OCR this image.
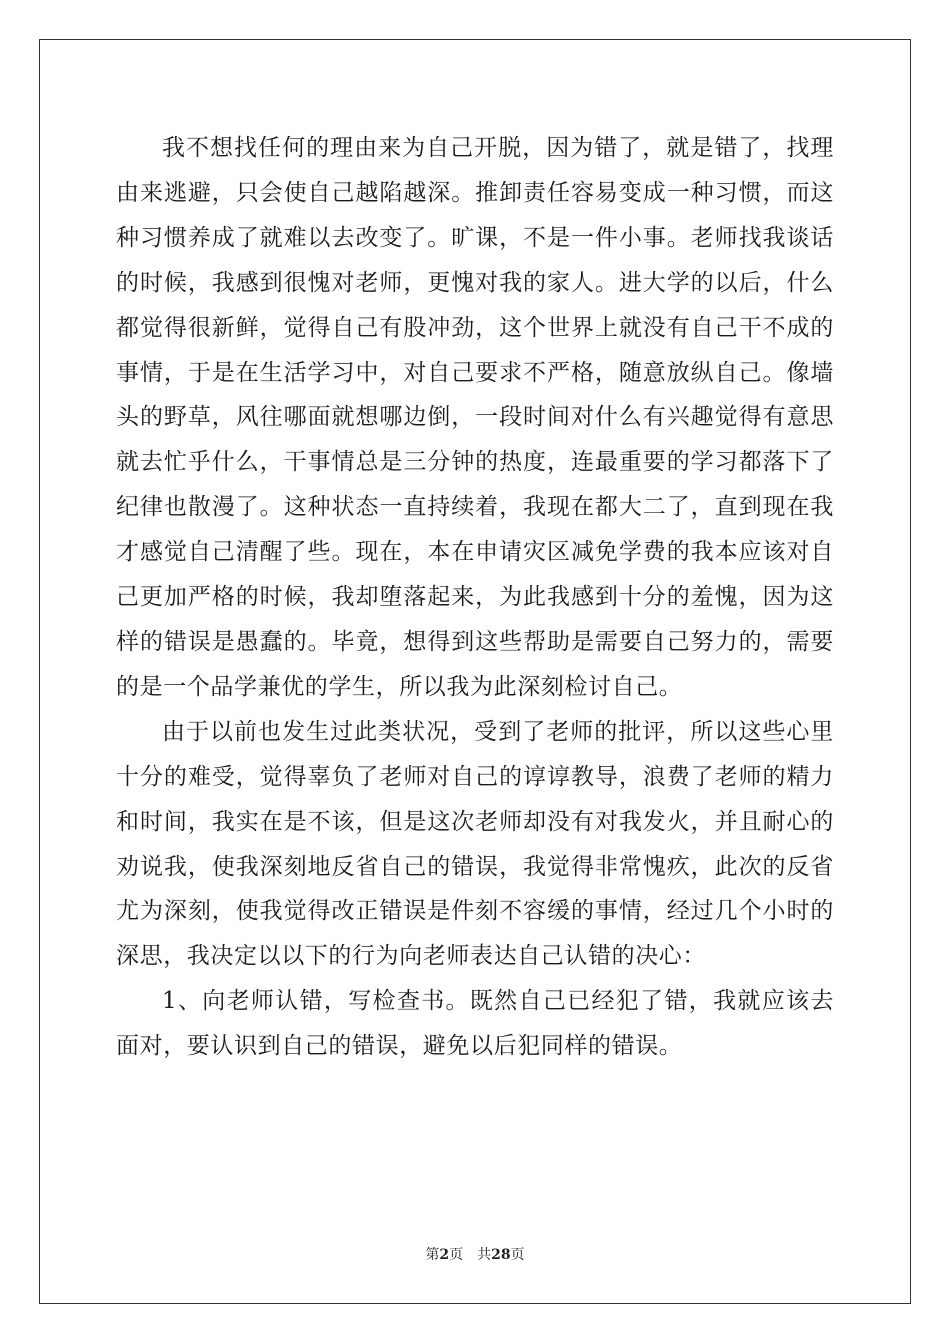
我不想找任何的理由来为自己开脱，因为错了，就是错了，找理由来逃避，只会使自己越陷越深。推卸责任容易变成一种习惯，而这种习惯养成了就难以去改变了。旷课，不是一件小事。老师找我谈话的时候，我感到很愧对老师，更愧对我的家人。进大学的以后，什么都觉得很新鲜，觉得自己有股冲劲，这个世界上就没有自己干不成的事情，于是在生活学习中，对自己要求不严格，随意放纵自己。像墙头的野草，风往哪面就想哪边倒，一段时间对什么有兴趣觉得有意思就去忙乎什么，干事情总是三分钟的热度，连最重要的学习都落下了纪律也散漫了。这种状态一直持续着，我现在都大二了，直到现在我才感觉自己清醒了些。现在，本在申请灾区减免学费的我本应该对自己更加严格的时候，我却堕落起来，为此我感到十分的羞愧，因为这样的错误是愚蠢的。毕竟，想得到这些帮助是需要自己努力的，需要的是一个品学兼优的学生，所以我为此深刻检讨自己。

由于以前也发生过此类状况，受到了老师的批评，所以这些心里十分的难受，觉得辜负了老师对自己的谆谆教导，浪费了老师的精力和时间，我实在是不该，但是这次老师却没有对我发火，并且耐心的劝说我，使我深刻地反省自己的错误，我觉得非常愧疚，此次的反省尤为深刻，使我觉得改正错误是件刻不容缓的事情，经过几个小时的深思，我决定以以下的行为向老师表达自己认错的决心：

1、向老师认错，写检查书。既然自己已经犯了错，我就应该去面对，要认识到自己的错误，避免以后犯同样的错误。

第2页 共28页
